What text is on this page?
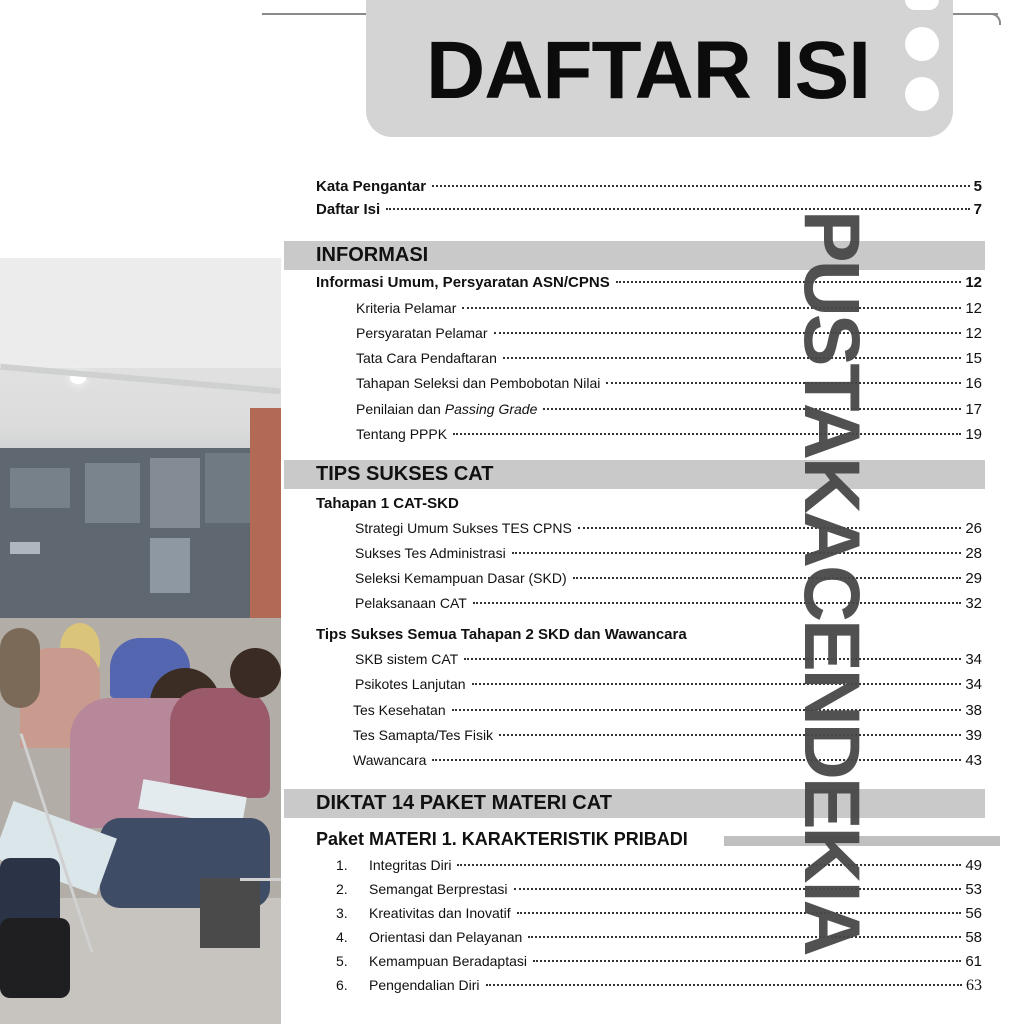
DAFTAR ISI
Kata Pengantar	5
Daftar Isi	7
INFORMASI
Informasi Umum, Persyaratan ASN/CPNS	12
Kriteria Pelamar	12
Persyaratan Pelamar	12
Tata Cara Pendaftaran	15
Tahapan Seleksi dan Pembobotan Nilai	16
Penilaian dan Passing Grade	17
Tentang PPPK	19
TIPS SUKSES CAT
Tahapan 1 CAT-SKD
Strategi Umum Sukses TES CPNS	26
Sukses Tes Administrasi	28
Seleksi Kemampuan Dasar (SKD)	29
Pelaksanaan CAT	32
Tips Sukses Semua Tahapan 2 SKD dan Wawancara
SKB sistem CAT	34
Psikotes Lanjutan	34
Tes Kesehatan	38
Tes Samapta/Tes Fisik	39
Wawancara	43
DIKTAT 14 PAKET MATERI CAT
Paket MATERI 1. KARAKTERISTIK PRIBADI
1. Integritas Diri	49
2. Semangat Berprestasi	53
3. Kreativitas dan Inovatif	56
4. Orientasi dan Pelayanan	58
5. Kemampuan Beradaptasi	61
6. Pengendalian Diri	63
PUSTAKACENDEKIA
